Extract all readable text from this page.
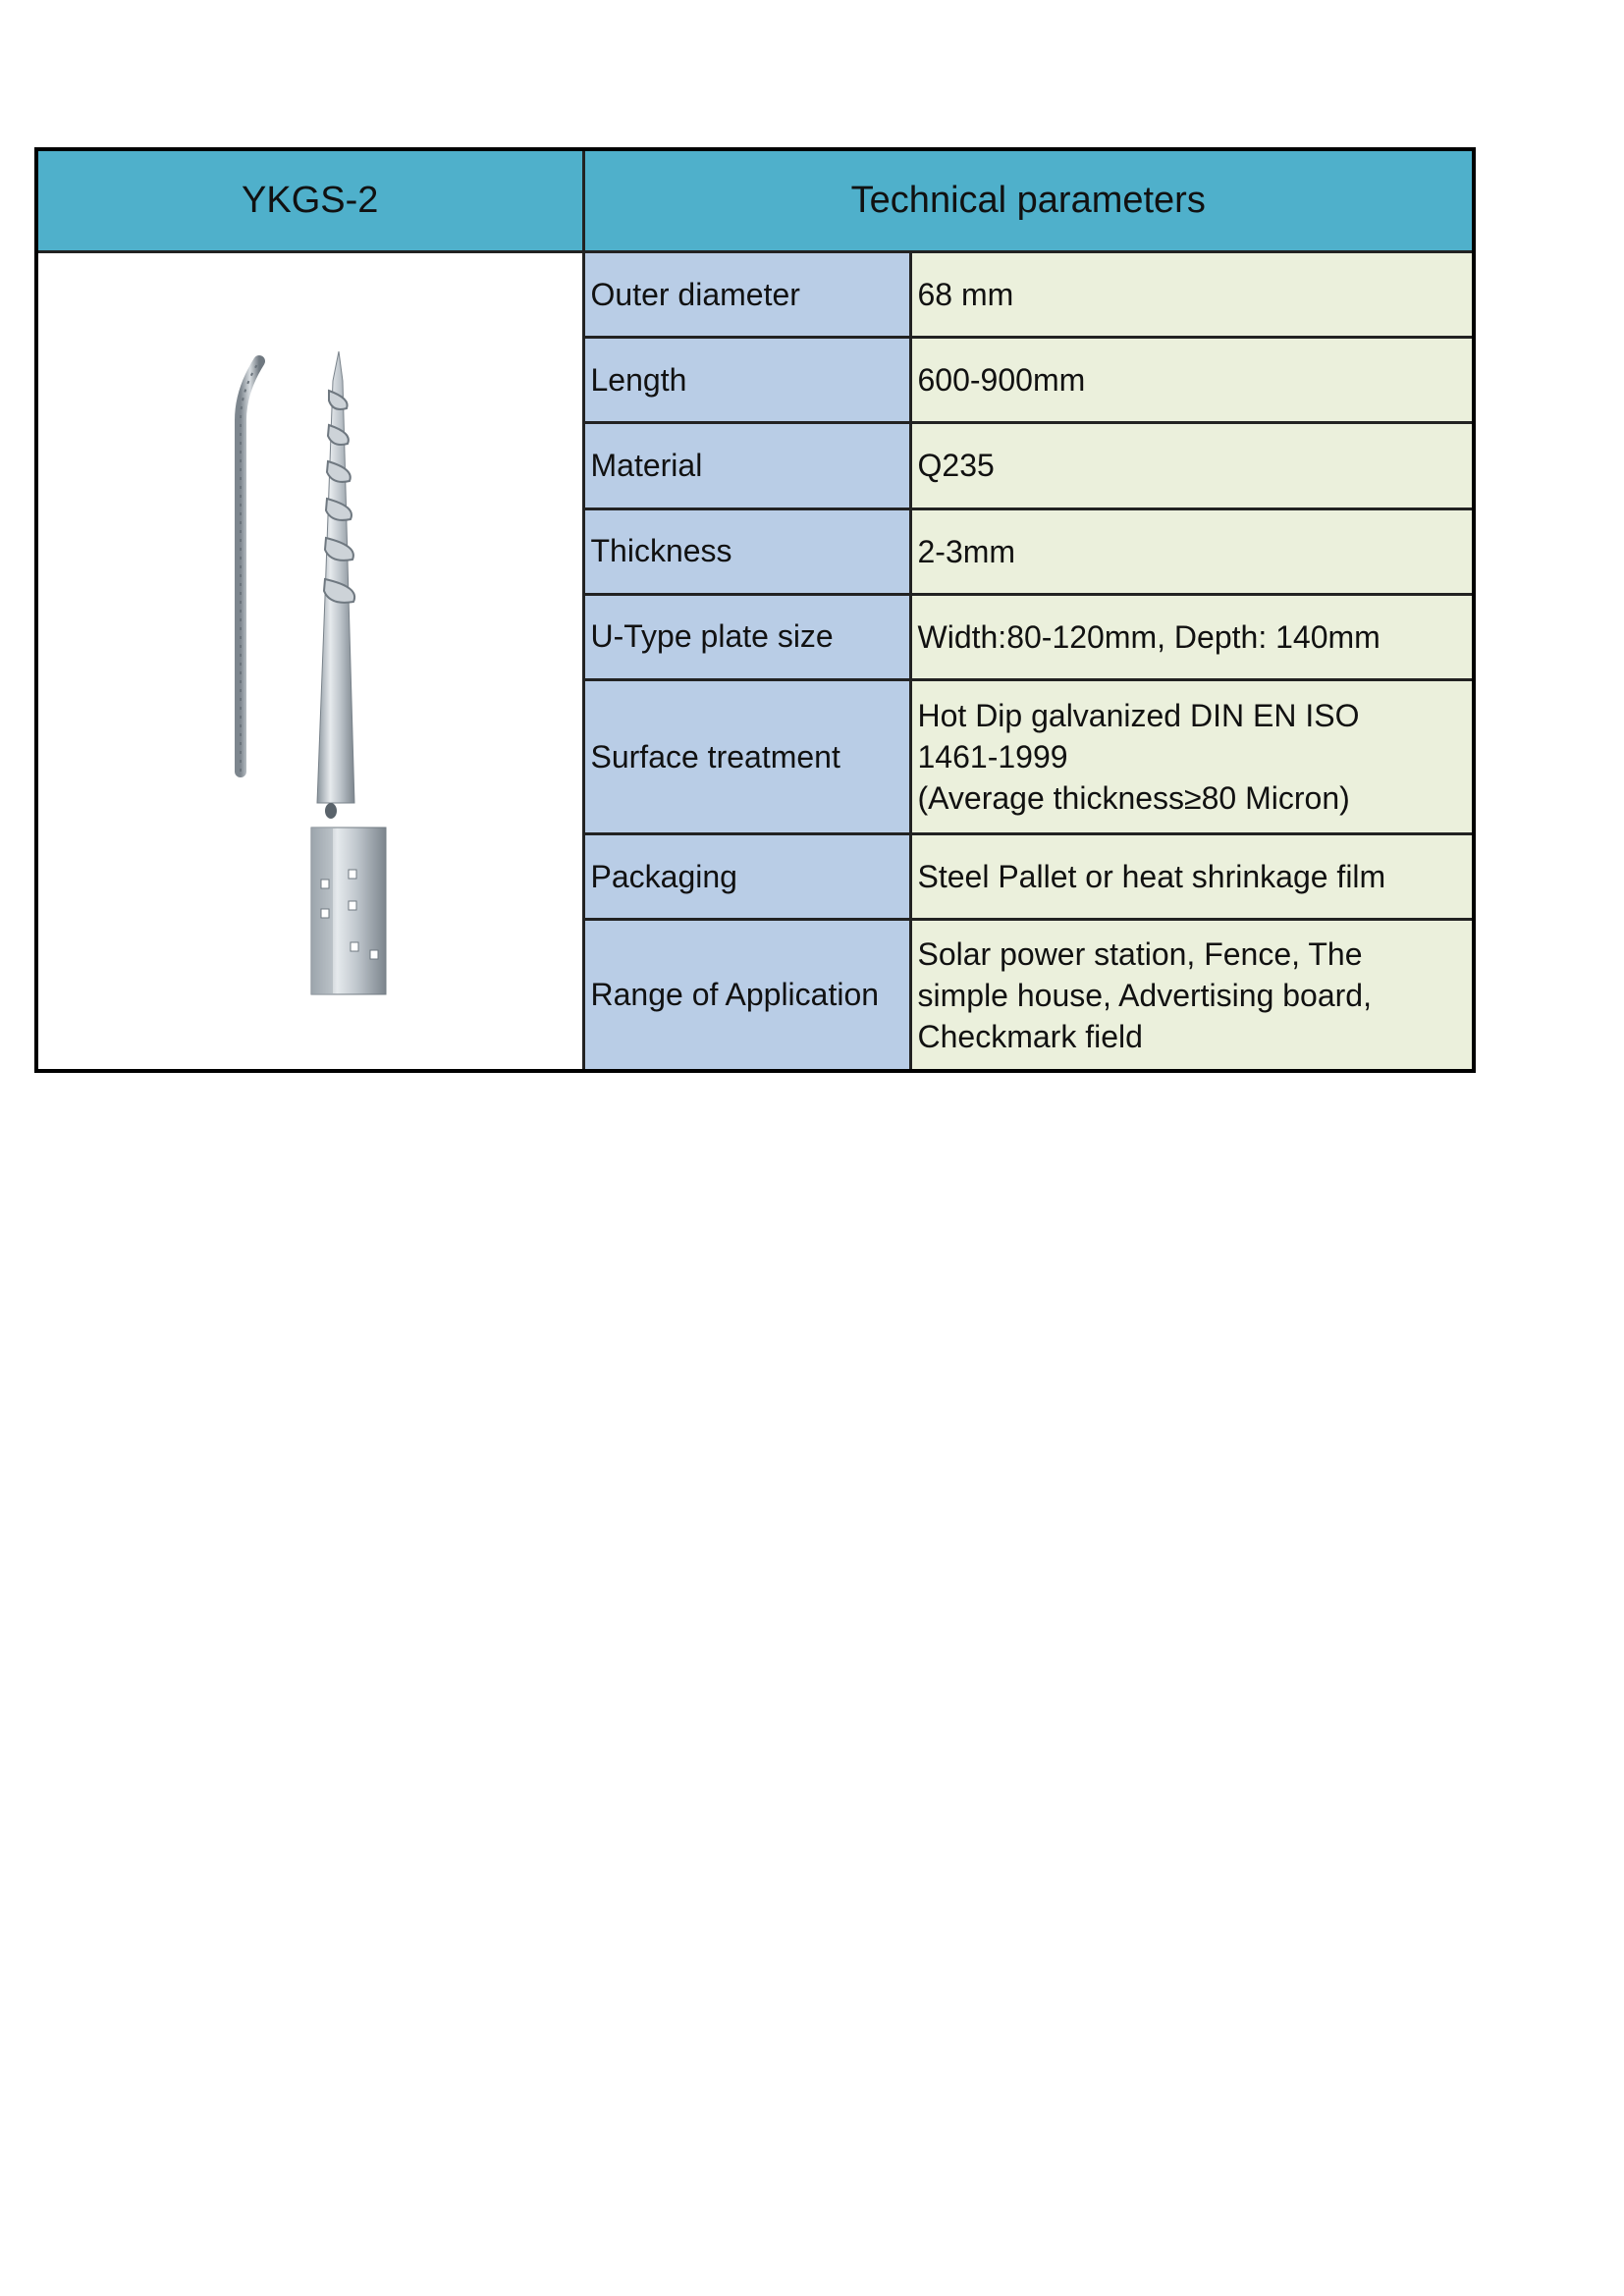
YKGS-2	Technical parameters	
	Outer diameter	68 mm

	Length	600-900mm

	Material	Q235

	Thickness	2-3mm

	U-Type plate size	Width:80-120mm, Depth: 140mm

	Surface treatment	Hot Dip galvanized DIN EN ISO
1461-1999
(Average thickness≥80 Micron)

	Packaging	Steel Pallet or heat shrinkage film

	Range of Application	Solar power station, Fence, The
simple house, Advertising board,
Checkmark field
